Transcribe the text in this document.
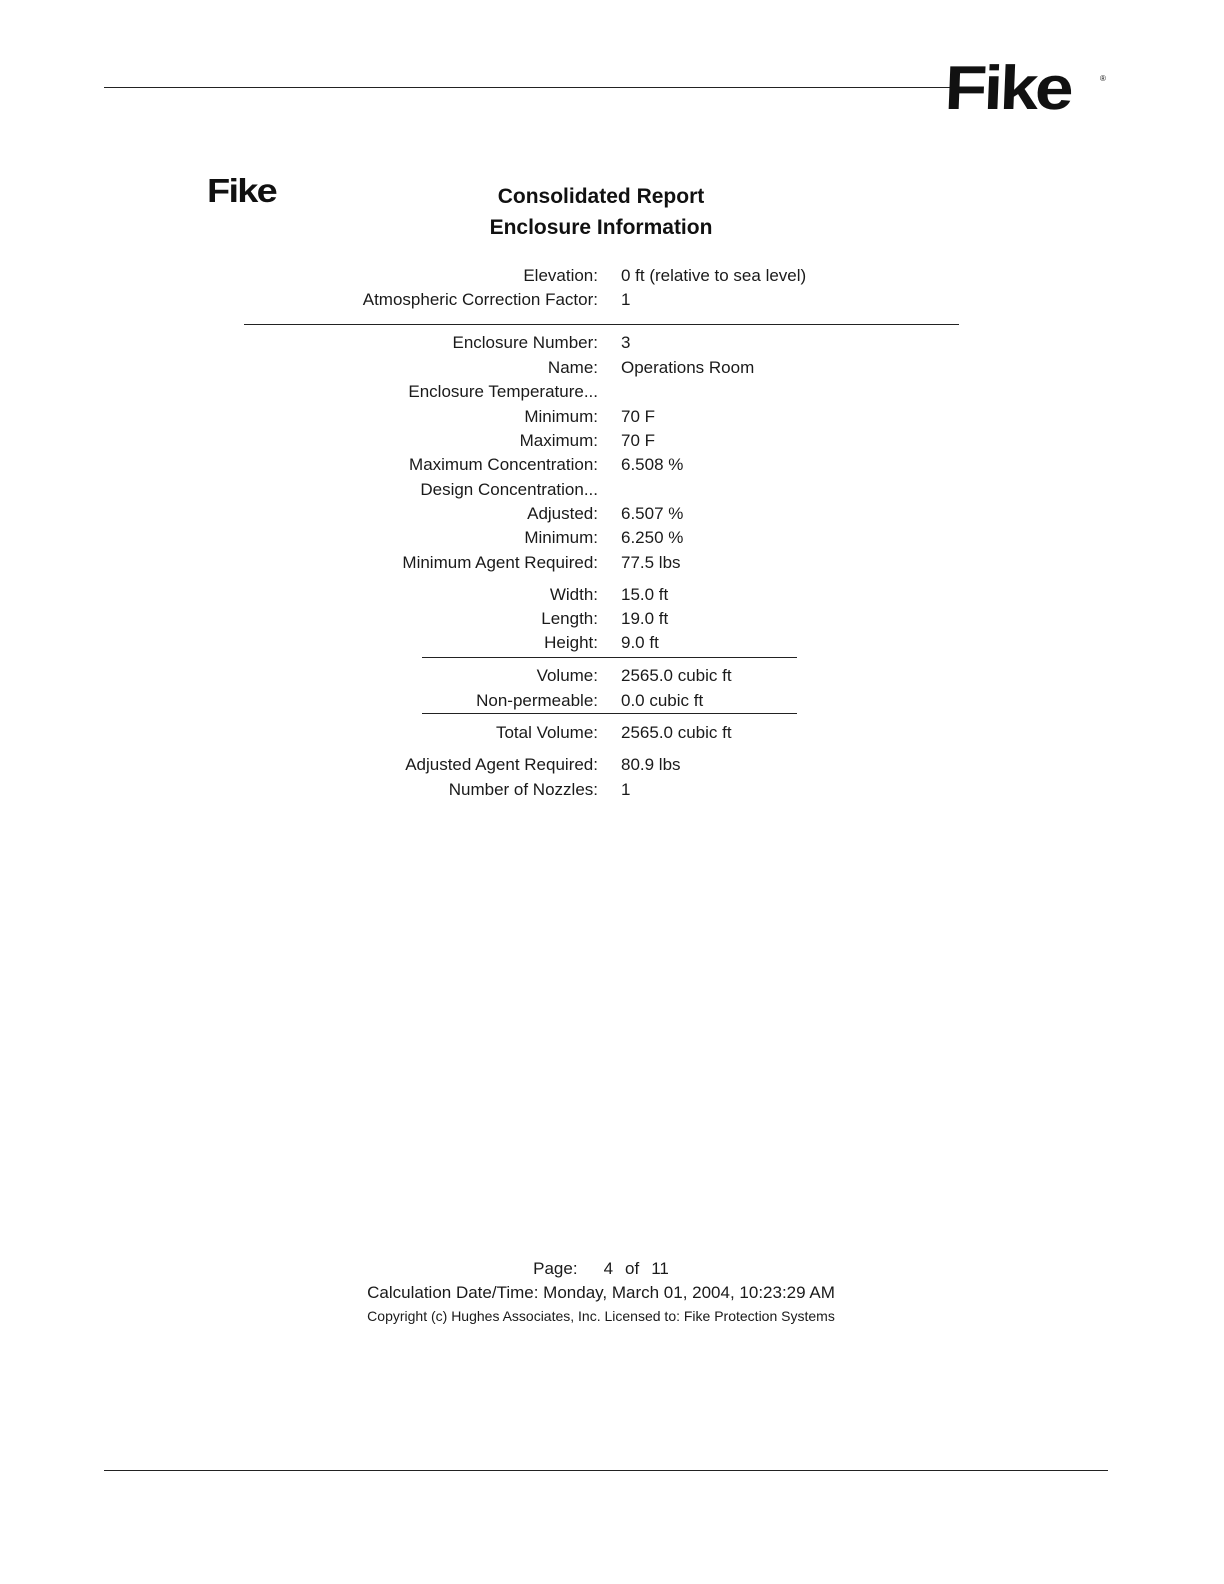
Fike	®
Fike	Consolidated Report
Enclosure Information
Elevation: 0 ft (relative to sea level)
Atmospheric Correction Factor: 1
Enclosure Number: 3
Name: Operations Room
Enclosure Temperature...
Minimum: 70 F
Maximum: 70 F
Maximum Concentration: 6.508 %
Design Concentration...
Adjusted: 6.507 %
Minimum: 6.250 %
Minimum Agent Required: 77.5 lbs
Width: 15.0 ft
Length: 19.0 ft
Height: 9.0 ft
Volume: 2565.0 cubic ft
Non-permeable: 0.0 cubic ft
Total Volume: 2565.0 cubic ft
Adjusted Agent Required: 80.9 lbs
Number of Nozzles: 1
Page: 4 of 11
Calculation Date/Time: Monday, March 01, 2004, 10:23:29 AM
Copyright (c) Hughes Associates, Inc. Licensed to: Fike Protection Systems
